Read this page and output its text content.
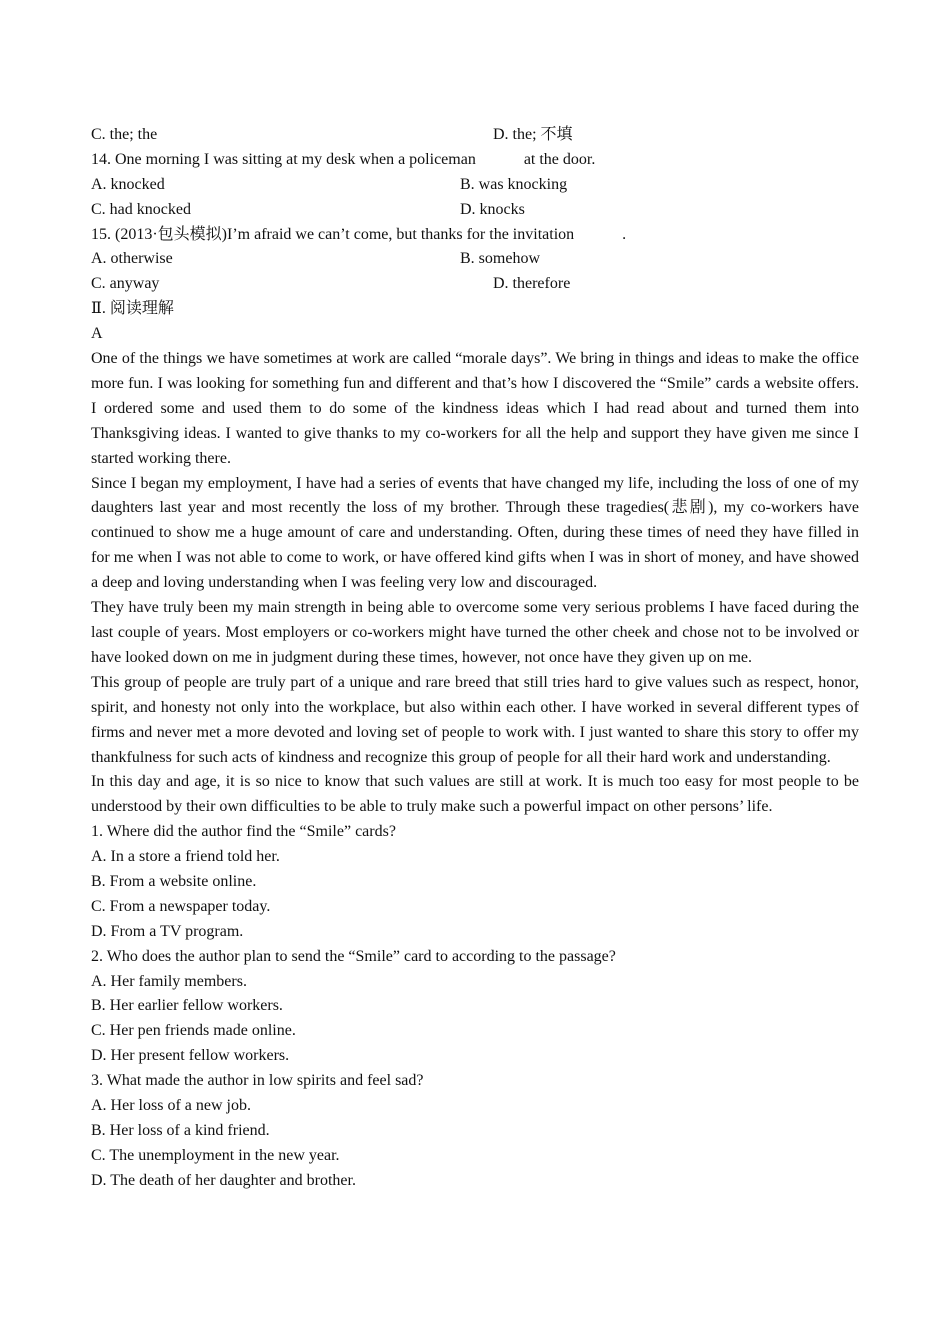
C. the; the	D. the; 不填
14. One morning I was sitting at my desk when a policeman	at the door.
A. knocked	B. was knocking
C. had knocked	D. knocks
15. (2013·包头模拟)I’m afraid we can’t come, but thanks for the invitation	.
A. otherwise	B. somehow
C. anyway	D. therefore
Ⅱ. 阅读理解
A

One of the things we have sometimes at work are called “morale days”. We bring in things and ideas to make the office more fun. I was looking for something fun and different and that’s how I discovered the “Smile” cards a website offers. I ordered some and used them to do some of the kindness ideas which I had read about and turned them into Thanksgiving ideas. I wanted to give thanks to my co-workers for all the help and support they have given me since I started working there.

Since I began my employment, I have had a series of events that have changed my life, including the loss of one of my daughters last year and most recently the loss of my brother. Through these tragedies(悲剧), my co-workers have continued to show me a huge amount of care and understanding. Often, during these times of need they have filled in for me when I was not able to come to work, or have offered kind gifts when I was in short of money, and have showed a deep and loving understanding when I was feeling very low and discouraged.

They have truly been my main strength in being able to overcome some very serious problems I have faced during the last couple of years. Most employers or co-workers might have turned the other cheek and chose not to be involved or have looked down on me in judgment during these times, however, not once have they given up on me.

This group of people are truly part of a unique and rare breed that still tries hard to give values such as respect, honor, spirit, and honesty not only into the workplace, but also within each other. I have worked in several different types of firms and never met a more devoted and loving set of people to work with. I just wanted to share this story to offer my thankfulness for such acts of kindness and recognize this group of people for all their hard work and understanding.

In this day and age, it is so nice to know that such values are still at work. It is much too easy for most people to be understood by their own difficulties to be able to truly make such a powerful impact on other persons’ life.

1. Where did the author find the “Smile” cards?
A. In a store a friend told her.
B. From a website online.
C. From a newspaper today.
D. From a TV program.
2. Who does the author plan to send the “Smile” card to according to the passage?
A. Her family members.
B. Her earlier fellow workers.
C. Her pen friends made online.
D. Her present fellow workers.
3. What made the author in low spirits and feel sad?
A. Her loss of a new job.
B. Her loss of a kind friend.
C. The unemployment in the new year.
D. The death of her daughter and brother.
